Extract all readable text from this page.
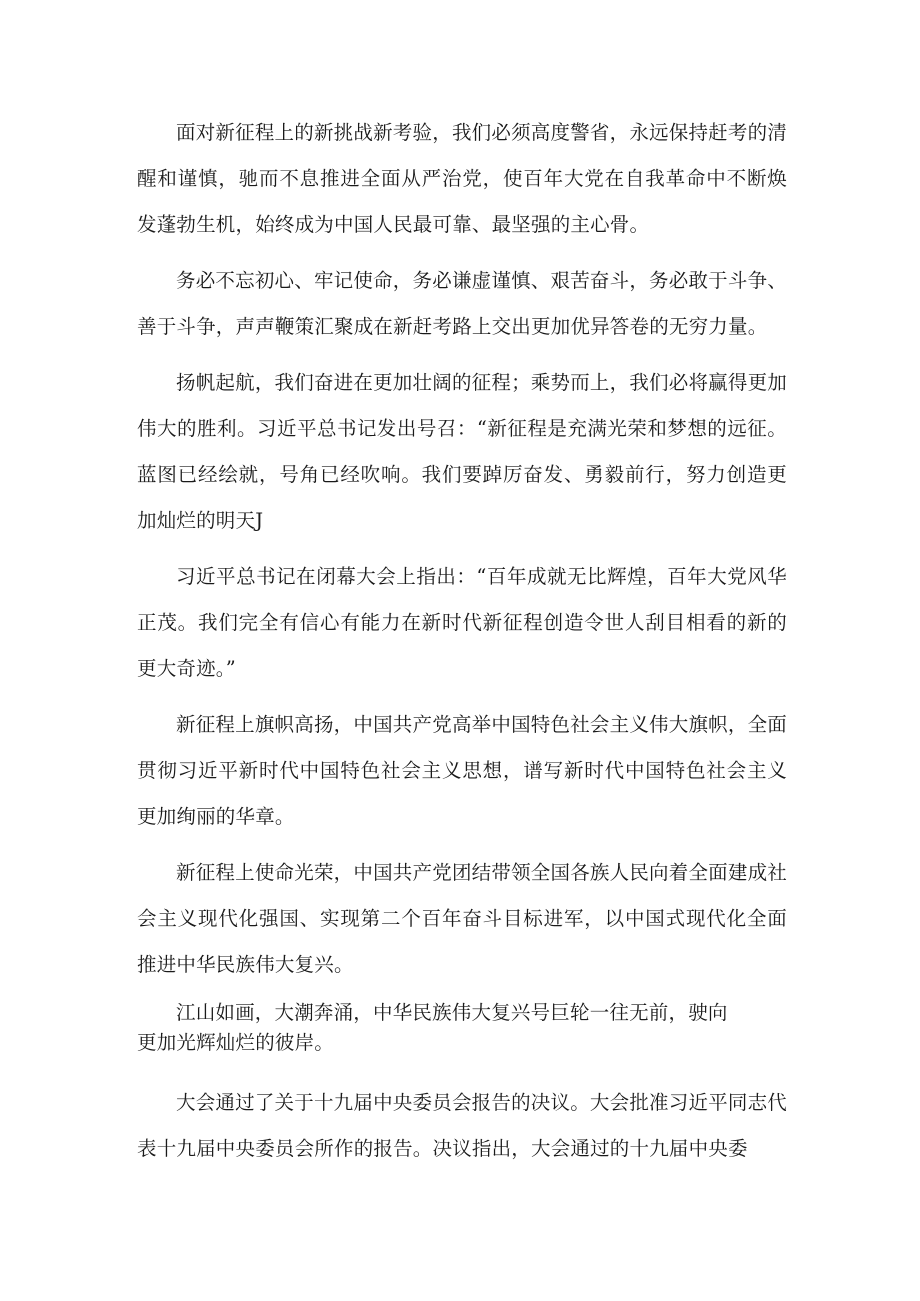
面对新征程上的新挑战新考验，我们必须高度警省，永远保持赶考的清醒和谨慎，驰而不息推进全面从严治党，使百年大党在自我革命中不断焕发蓬勃生机，始终成为中国人民最可靠、最坚强的主心骨。

务必不忘初心、牢记使命，务必谦虚谨慎、艰苦奋斗，务必敢于斗争、善于斗争，声声鞭策汇聚成在新赶考路上交出更加优异答卷的无穷力量。

扬帆起航，我们奋进在更加壮阔的征程；乘势而上，我们必将赢得更加伟大的胜利。习近平总书记发出号召：“新征程是充满光荣和梦想的远征。蓝图已经绘就，号角已经吹响。我们要踔厉奋发、勇毅前行，努力创造更加灿烂的明天J

习近平总书记在闭幕大会上指出：“百年成就无比辉煌，百年大党风华正茂。我们完全有信心有能力在新时代新征程创造令世人刮目相看的新的更大奇迹。”

新征程上旗帜高扬，中国共产党高举中国特色社会主义伟大旗帜，全面贯彻习近平新时代中国特色社会主义思想，谱写新时代中国特色社会主义更加绚丽的华章。

新征程上使命光荣，中国共产党团结带领全国各族人民向着全面建成社会主义现代化强国、实现第二个百年奋斗目标进军，以中国式现代化全面推进中华民族伟大复兴。

江山如画，大潮奔涌，中华民族伟大复兴号巨轮一往无前，驶向
更加光辉灿烂的彼岸。

大会通过了关于十九届中央委员会报告的决议。大会批准习近平同志代表十九届中央委员会所作的报告。决议指出，大会通过的十九届中央委
